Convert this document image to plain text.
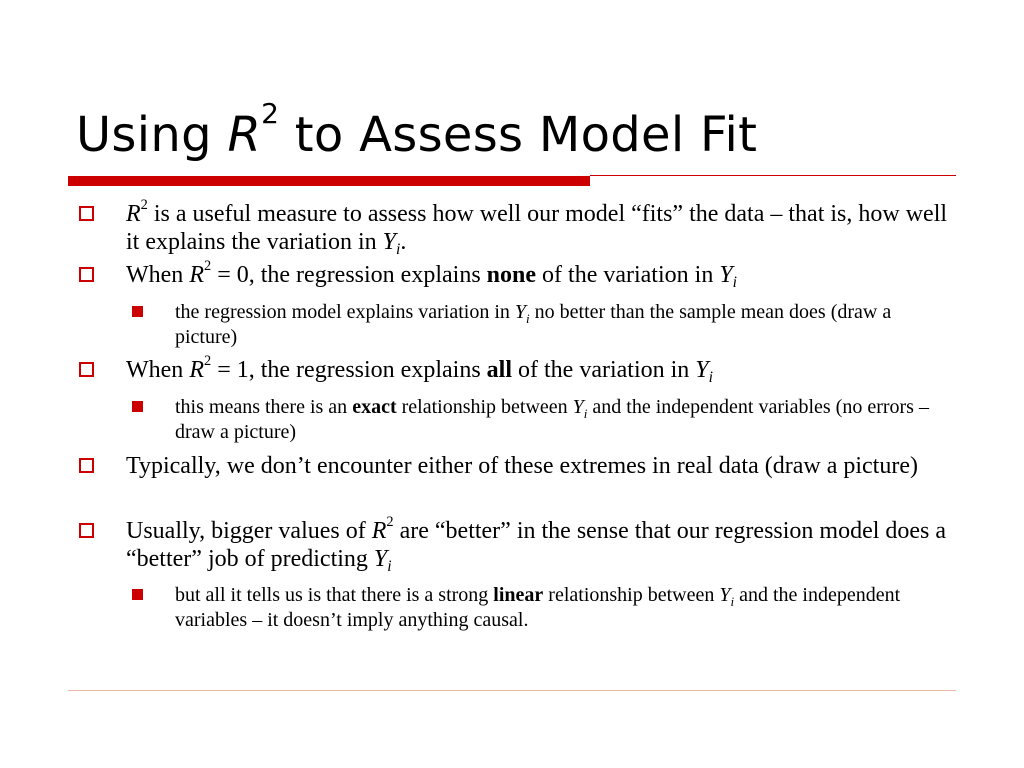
Using $R^2$ to Assess Model Fit
$R^2$ is a useful measure to assess how well our model “fits” the data – that is, how well it explains the variation in $Y_i$.
When $R^2 = 0$, the regression explains none of the variation in $Y_i$
the regression model explains variation in $Y_i$ no better than the sample mean does (draw a picture)
When $R^2 = 1$, the regression explains all of the variation in $Y_i$
this means there is an exact relationship between $Y_i$ and the independent variables (no errors – draw a picture)
Typically, we don’t encounter either of these extremes in real data (draw a picture)
Usually, bigger values of $R^2$ are “better” in the sense that our regression model does a “better” job of predicting $Y_i$
but all it tells us is that there is a strong linear relationship between $Y_i$ and the independent variables – it doesn’t imply anything causal.
